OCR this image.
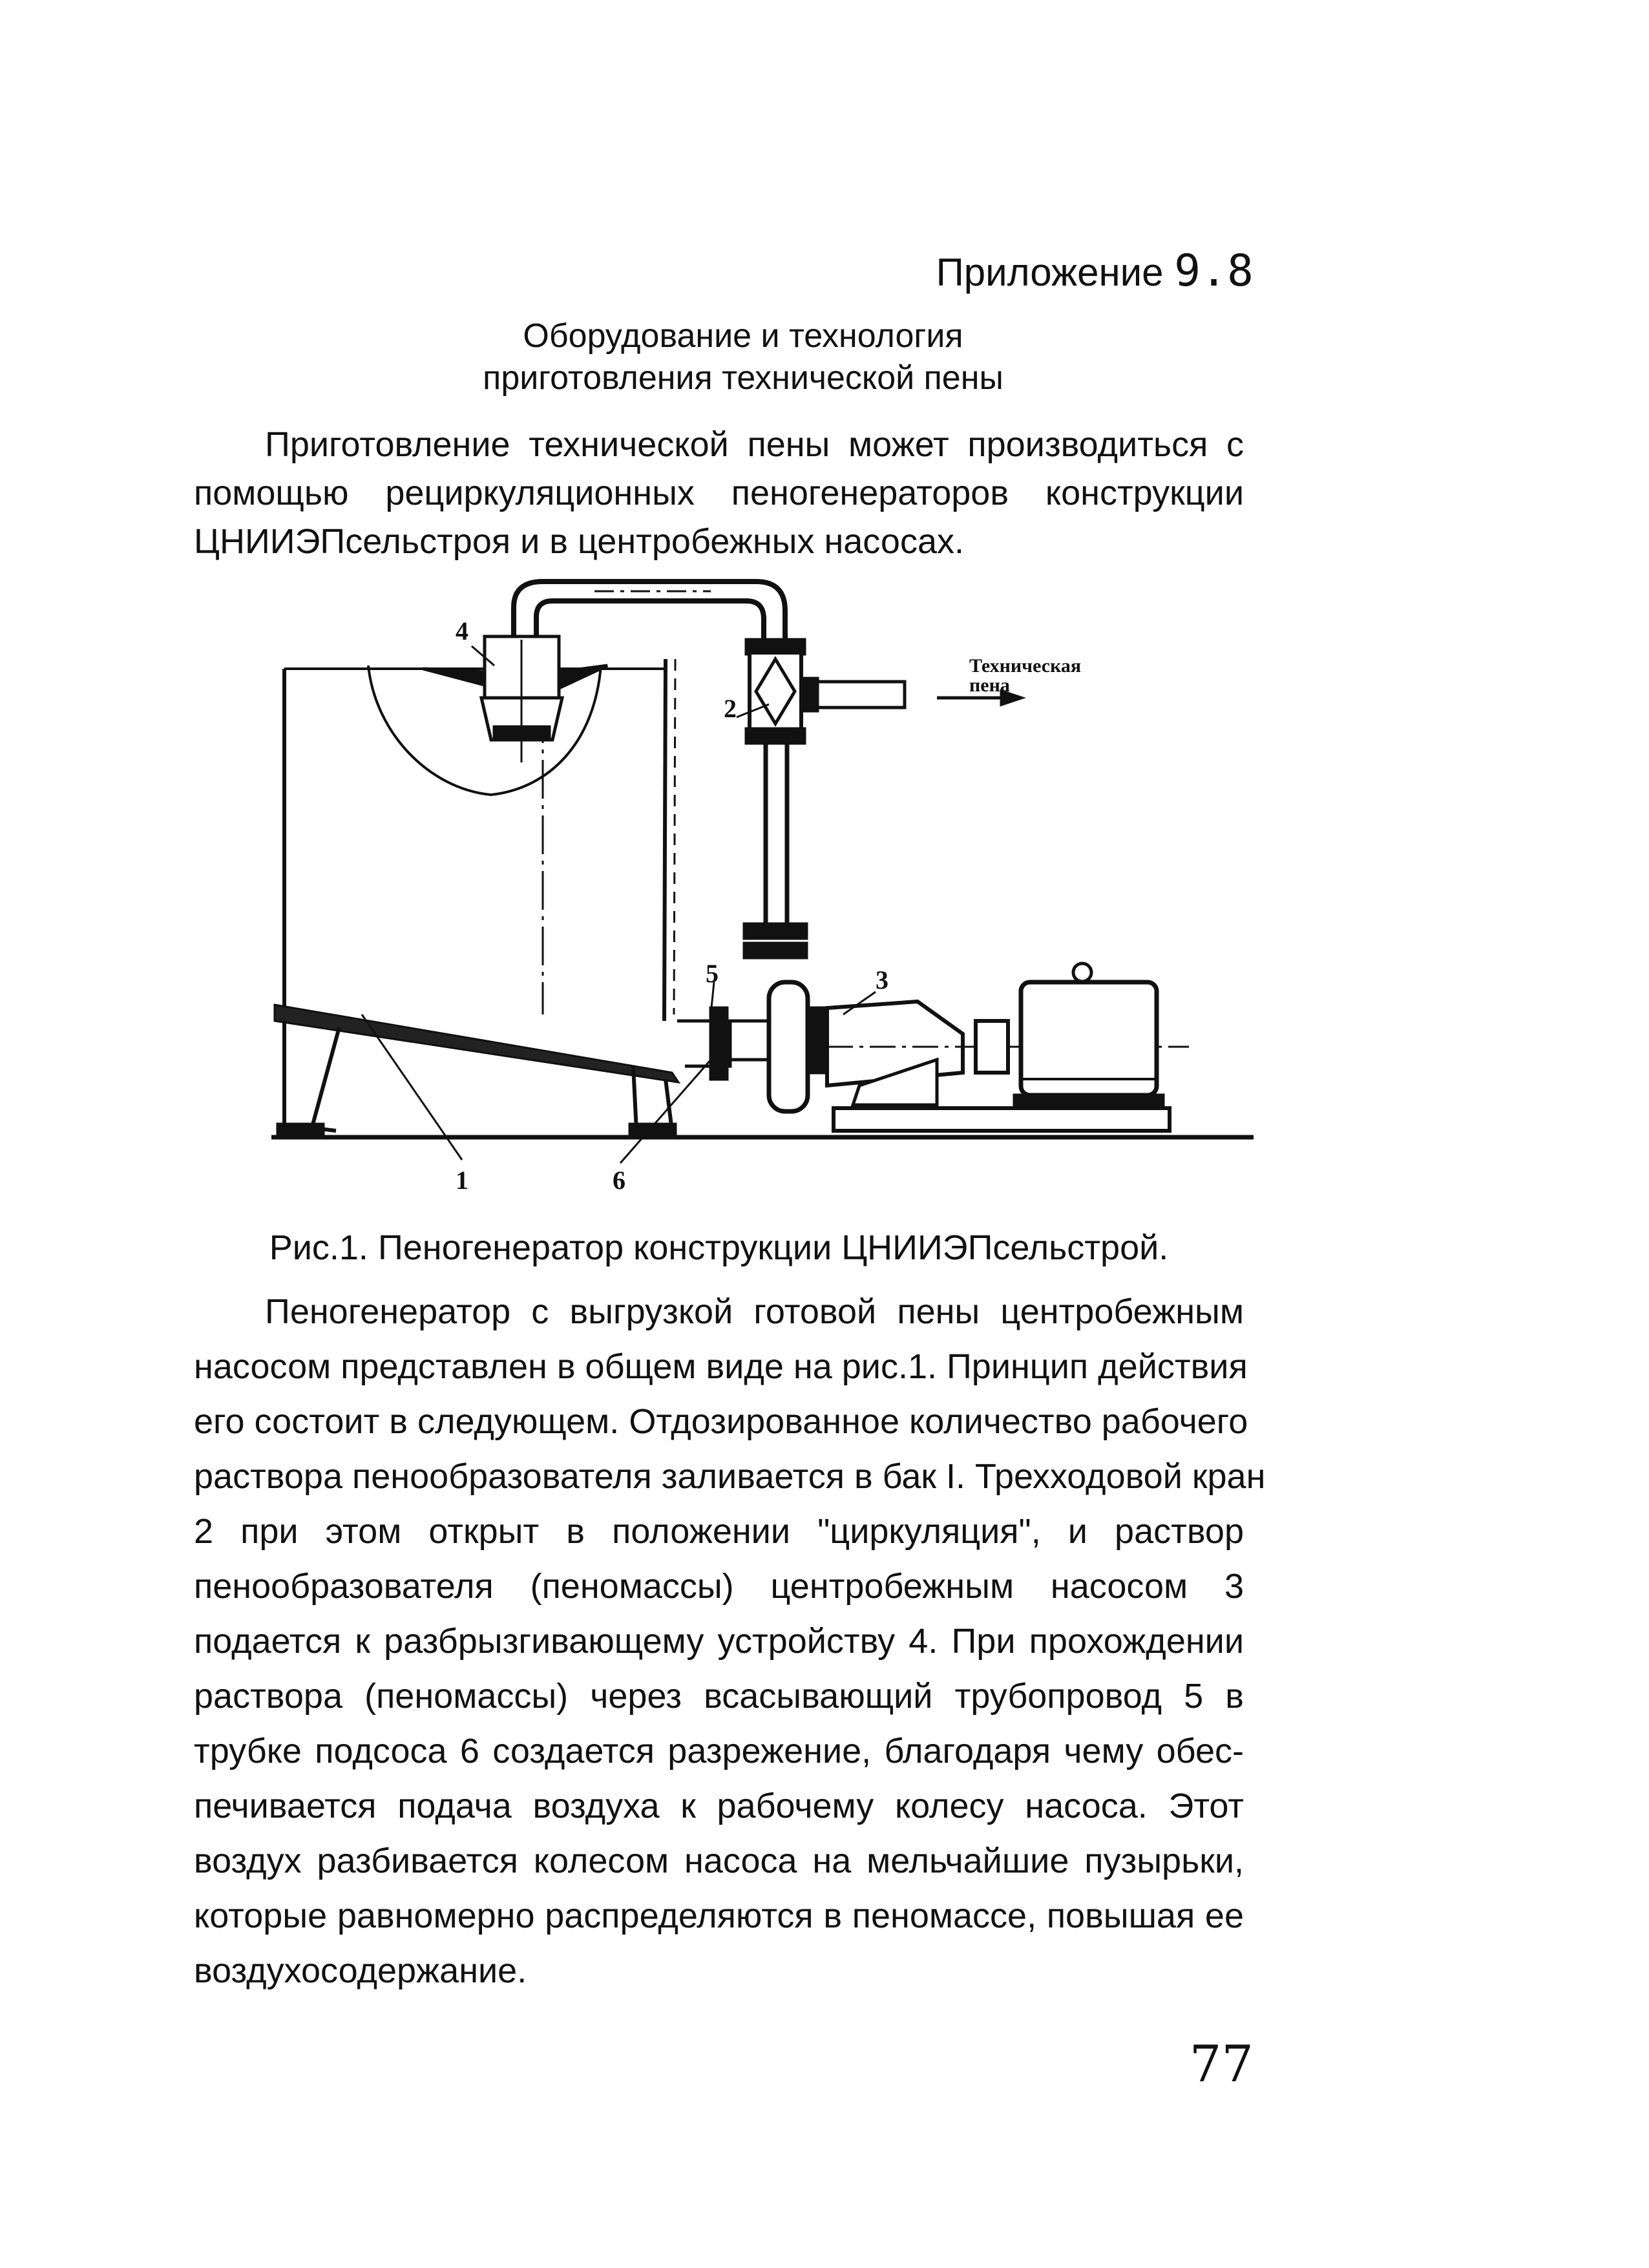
Приложение 9.8
Оборудование и технология
приготовления технической пены
Приготовление технической пены может производиться с
помощью рециркуляционных пеногенераторов конструкции
ЦНИИЭПсельстроя и в центробежных насосах.
4
2
3
5
1	6
Техническая
пена
Рис.1. Пеногенератор конструкции ЦНИИЭПсельстрой.
Пеногенератор с выгрузкой готовой пены центробежным
насосом представлен в общем виде на рис.1. Принцип действия
его состоит в следующем. Отдозированное количество рабочего
раствора пенообразователя заливается в бак I. Трехходовой кран
2 при этом открыт в положении "циркуляция", и раствор
пенообразователя (пеномассы) центробежным насосом 3
подается к разбрызгивающему устройству 4. При прохождении
раствора (пеномассы) через всасывающий трубопровод 5 в
трубке подсоса 6 создается разрежение, благодаря чему обес-
печивается подача воздуха к рабочему колесу насоса. Этот
воздух разбивается колесом насоса на мельчайшие пузырьки,
которые равномерно распределяются в пеномассе, повышая ее
воздухосодержание.
77
